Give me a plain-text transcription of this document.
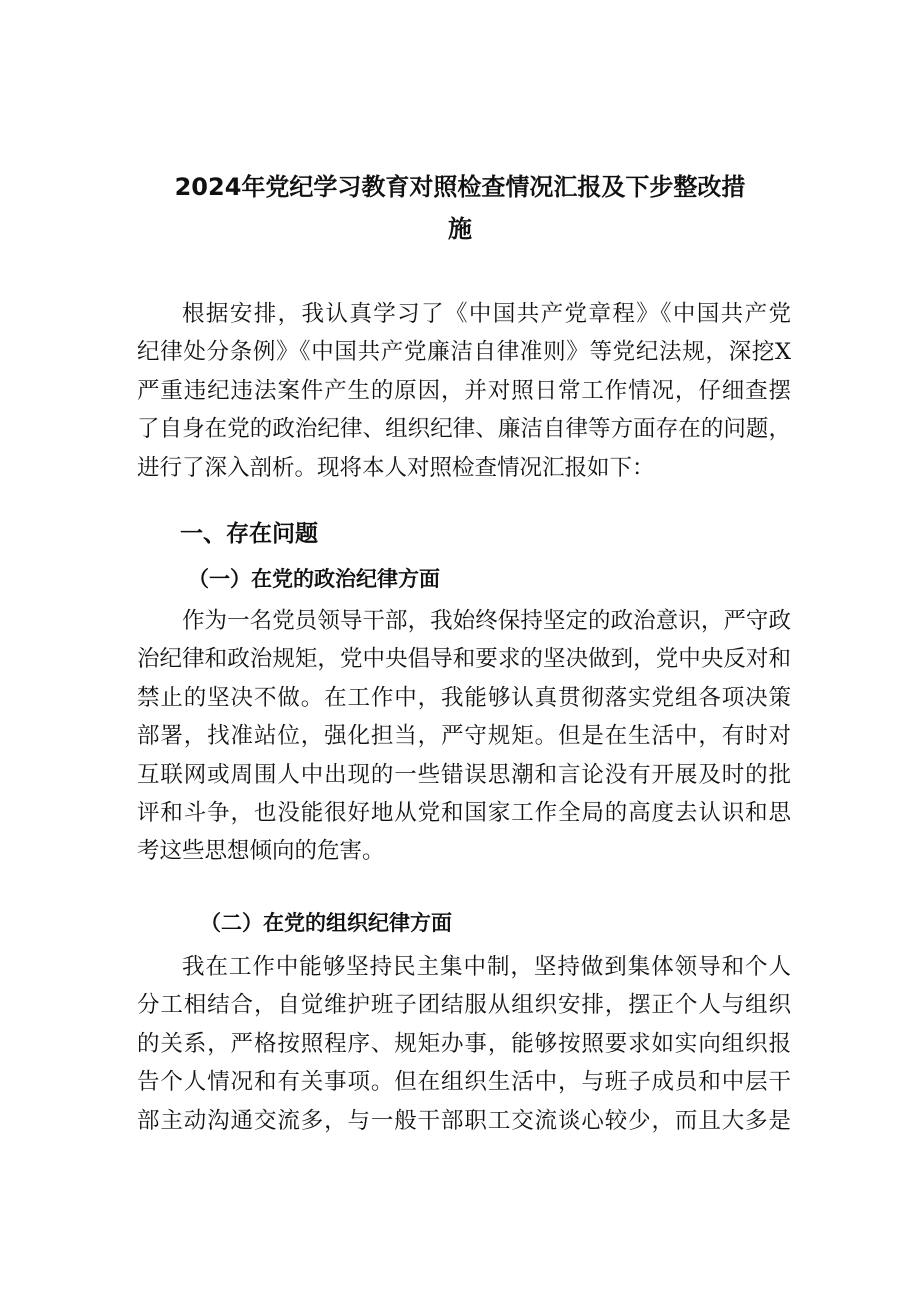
2024年党纪学习教育对照检查情况汇报及下步整改措
施
根据安排，我认真学习了《中国共产党章程》《中国共产党
纪律处分条例》《中国共产党廉洁自律准则》等党纪法规，深挖X
严重违纪违法案件产生的原因，并对照日常工作情况，仔细查摆
了自身在党的政治纪律、组织纪律、廉洁自律等方面存在的问题，
进行了深入剖析。现将本人对照检查情况汇报如下：
一、存在问题
（一）在党的政治纪律方面
作为一名党员领导干部，我始终保持坚定的政治意识，严守政
治纪律和政治规矩，党中央倡导和要求的坚决做到，党中央反对和
禁止的坚决不做。在工作中，我能够认真贯彻落实党组各项决策
部署，找准站位，强化担当，严守规矩。但是在生活中，有时对
互联网或周围人中出现的一些错误思潮和言论没有开展及时的批
评和斗争，也没能很好地从党和国家工作全局的高度去认识和思
考这些思想倾向的危害。
（二）在党的组织纪律方面
我在工作中能够坚持民主集中制，坚持做到集体领导和个人
分工相结合，自觉维护班子团结服从组织安排，摆正个人与组织
的关系，严格按照程序、规矩办事，能够按照要求如实向组织报
告个人情况和有关事项。但在组织生活中，与班子成员和中层干
部主动沟通交流多，与一般干部职工交流谈心较少，而且大多是
